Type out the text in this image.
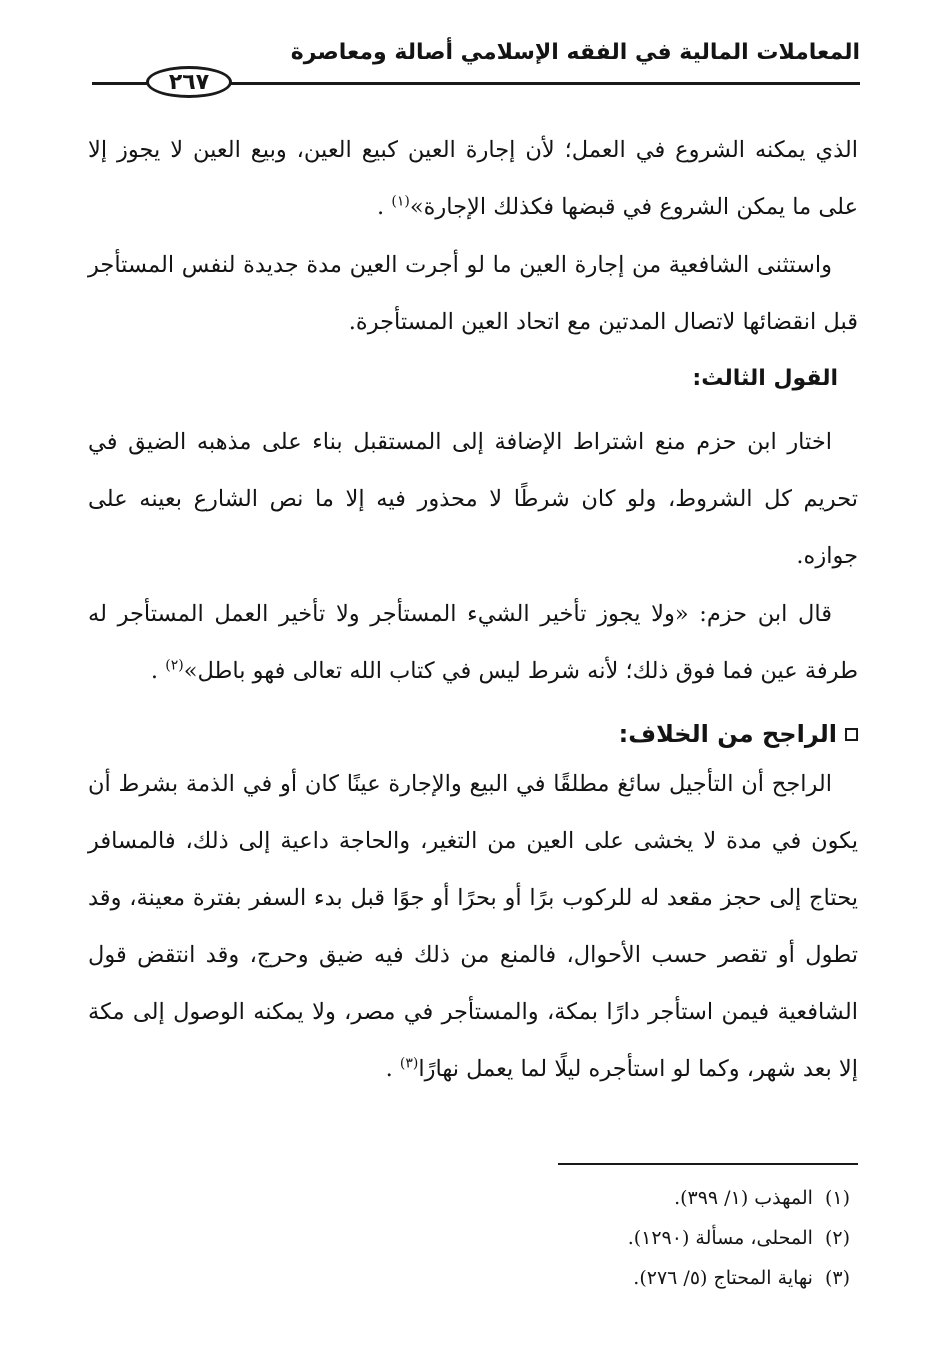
المعاملات المالية في الفقه الإسلامي أصالة ومعاصرة
٢٦٧

الذي يمكنه الشروع في العمل؛ لأن إجارة العين كبيع العين، وبيع العين لا يجوز إلا على ما يمكن الشروع في قبضها فكذلك الإجارة»$^{(١)}$ .

واستثنى الشافعية من إجارة العين ما لو أجرت العين مدة جديدة لنفس المستأجر قبل انقضائها لاتصال المدتين مع اتحاد العين المستأجرة.

القول الثالث:

اختار ابن حزم منع اشتراط الإضافة إلى المستقبل بناء على مذهبه الضيق في تحريم كل الشروط، ولو كان شرطًا لا محذور فيه إلا ما نص الشارع بعينه على جوازه.

قال ابن حزم: «ولا يجوز تأخير الشيء المستأجر ولا تأخير العمل المستأجر له طرفة عين فما فوق ذلك؛ لأنه شرط ليس في كتاب الله تعالى فهو باطل»$^{(٢)}$ .

الراجح من الخلاف:

الراجح أن التأجيل سائغ مطلقًا في البيع والإجارة عينًا كان أو في الذمة بشرط أن يكون في مدة لا يخشى على العين من التغير، والحاجة داعية إلى ذلك، فالمسافر يحتاج إلى حجز مقعد له للركوب برًا أو بحرًا أو جوًا قبل بدء السفر بفترة معينة، وقد تطول أو تقصر حسب الأحوال، فالمنع من ذلك فيه ضيق وحرج، وقد انتقض قول الشافعية فيمن استأجر دارًا بمكة، والمستأجر في مصر، ولا يمكنه الوصول إلى مكة إلا بعد شهر، وكما لو استأجره ليلًا لما يعمل نهارًا$^{(٣)}$ .

(١)المهذب (١/ ٣٩٩).
(٢)المحلى، مسألة (١٢٩٠).
(٣)نهاية المحتاج (٥/ ٢٧٦).
